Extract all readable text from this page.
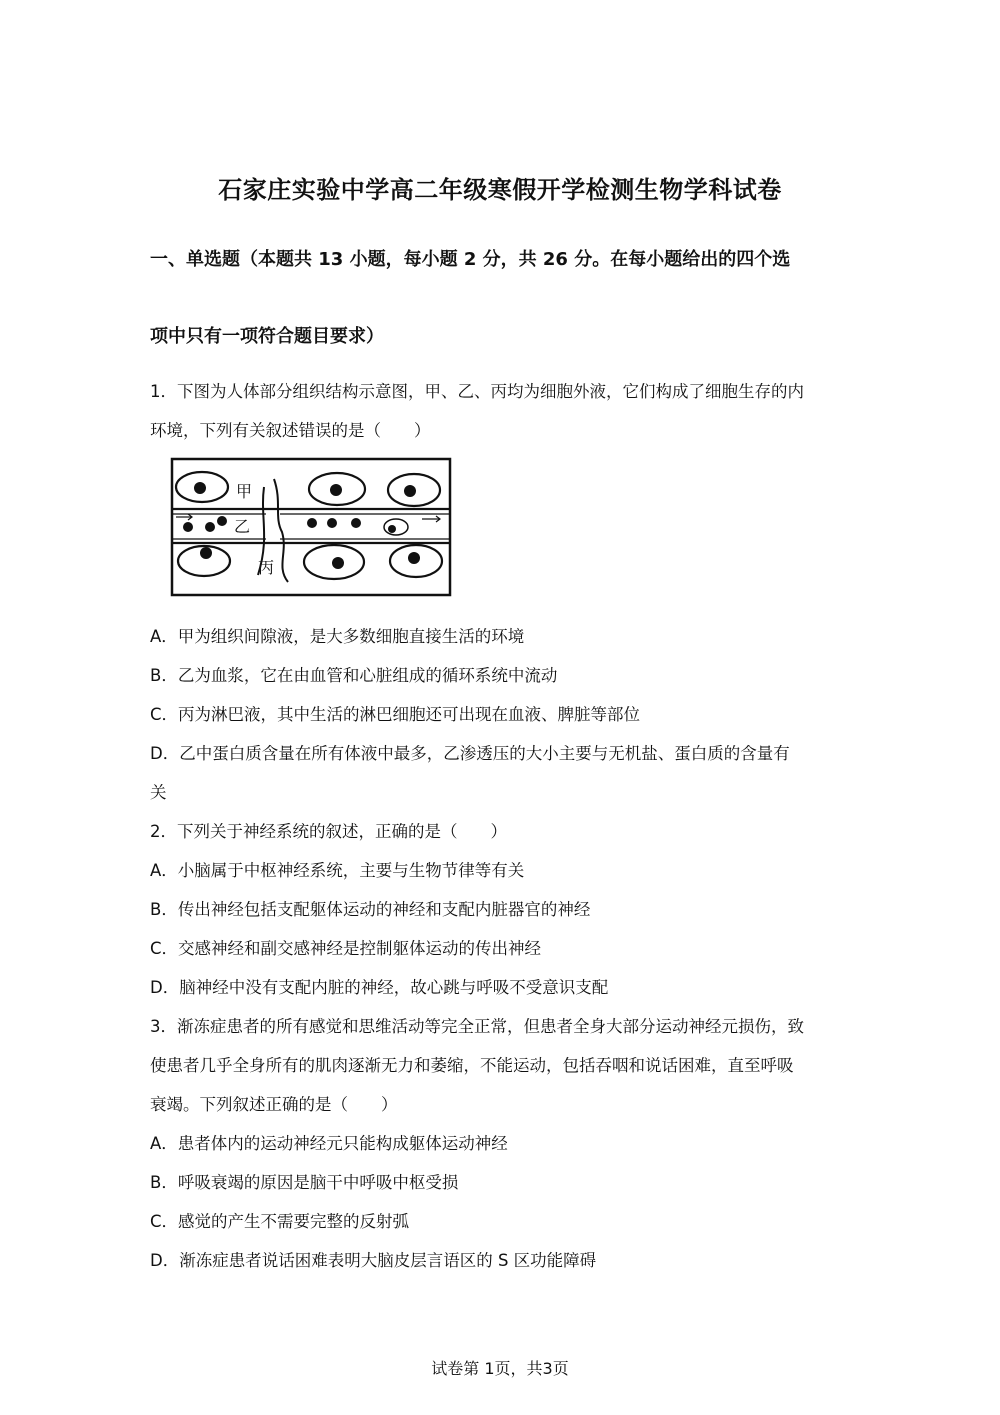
石家庄实验中学高二年级寒假开学检测生物学科试卷
一、单选题（本题共 13 小题，每小题 2 分，共 26 分。在每小题给出的四个选
项中只有一项符合题目要求）
1．下图为人体部分组织结构示意图，甲、乙、丙均为细胞外液，它们构成了细胞生存的内
环境，下列有关叙述错误的是（　　）
甲
乙
丙
A．甲为组织间隙液，是大多数细胞直接生活的环境
B．乙为血浆，它在由血管和心脏组成的循环系统中流动
C．丙为淋巴液，其中生活的淋巴细胞还可出现在血液、脾脏等部位
D．乙中蛋白质含量在所有体液中最多，乙渗透压的大小主要与无机盐、蛋白质的含量有
关
2．下列关于神经系统的叙述，正确的是（　　）
A．小脑属于中枢神经系统，主要与生物节律等有关
B．传出神经包括支配躯体运动的神经和支配内脏器官的神经
C．交感神经和副交感神经是控制躯体运动的传出神经
D．脑神经中没有支配内脏的神经，故心跳与呼吸不受意识支配
3．渐冻症患者的所有感觉和思维活动等完全正常，但患者全身大部分运动神经元损伤，致
使患者几乎全身所有的肌肉逐渐无力和萎缩，不能运动，包括吞咽和说话困难，直至呼吸
衰竭。下列叙述正确的是（　　）
A．患者体内的运动神经元只能构成躯体运动神经
B．呼吸衰竭的原因是脑干中呼吸中枢受损
C．感觉的产生不需要完整的反射弧
D．渐冻症患者说话困难表明大脑皮层言语区的 S 区功能障碍
试卷第 1页，共3页
